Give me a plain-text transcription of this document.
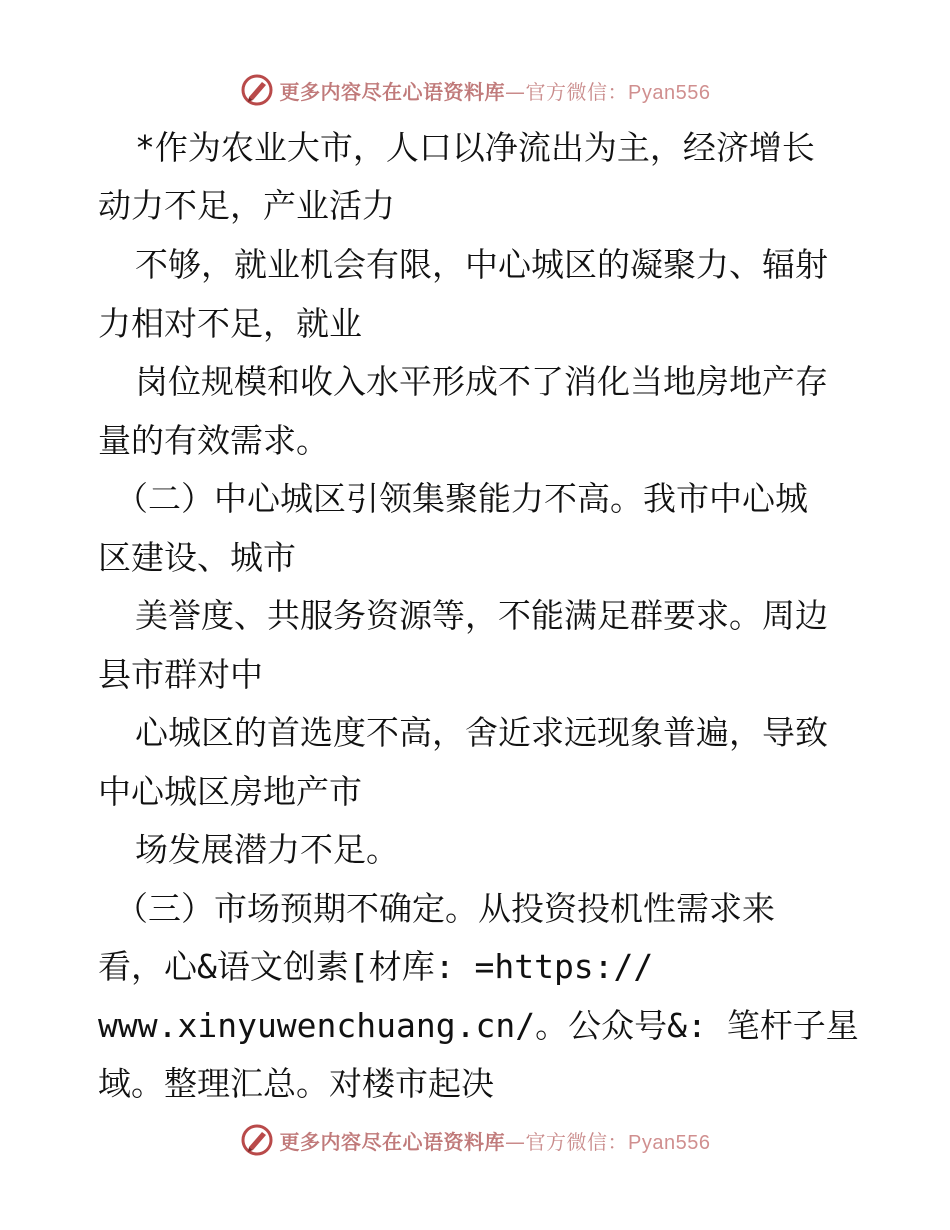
更多内容尽在心语资料库—官方微信：Pyan556
*作为农业大市，人口以净流出为主，经济增长
动力不足，产业活力
不够，就业机会有限，中心城区的凝聚力、辐射
力相对不足，就业
岗位规模和收入水平形成不了消化当地房地产存
量的有效需求。
（二）中心城区引领集聚能力不高。我市中心城
区建设、城市
美誉度、共服务资源等，不能满足群要求。周边
县市群对中
心城区的首选度不高，舍近求远现象普遍，导致
中心城区房地产市
场发展潜力不足。
（三）市场预期不确定。从投资投机性需求来
看，心&语文创素[材库: =https://
www.xinyuwenchuang.cn/。公众号&: 笔杆子星
域。整理汇总。对楼市起决
更多内容尽在心语资料库—官方微信：Pyan556
